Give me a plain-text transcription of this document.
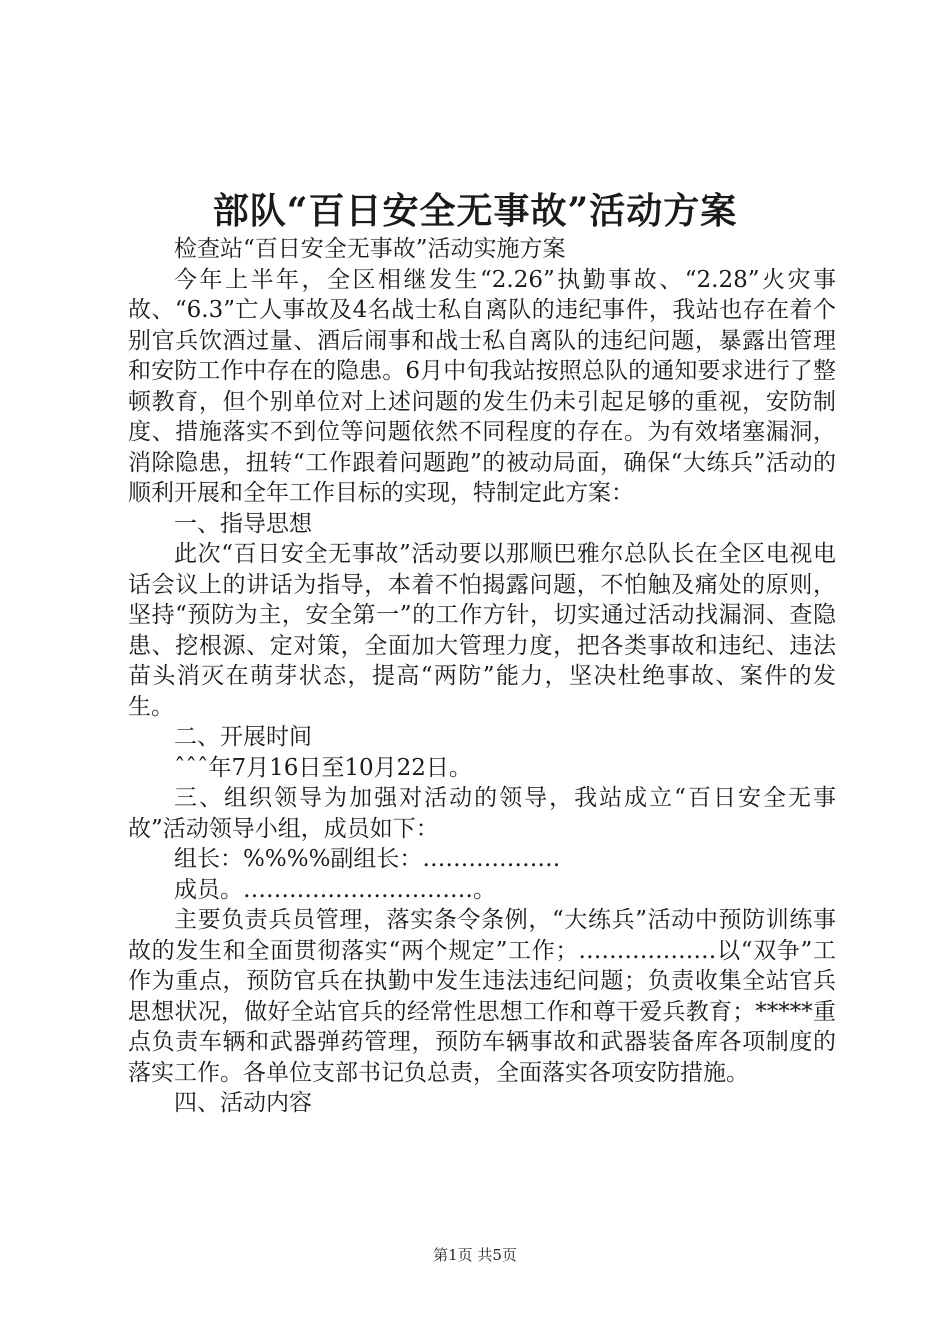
部队“百日安全无事故”活动方案

检查站“百日安全无事故”活动实施方案

今年上半年，全区相继发生“2.26”执勤事故、“2.28”火灾事故、“6.3”亡人事故及4名战士私自离队的违纪事件，我站也存在着个别官兵饮酒过量、酒后闹事和战士私自离队的违纪问题，暴露出管理和安防工作中存在的隐患。6月中旬我站按照总队的通知要求进行了整顿教育，但个别单位对上述问题的发生仍未引起足够的重视，安防制度、措施落实不到位等问题依然不同程度的存在。为有效堵塞漏洞，消除隐患，扭转“工作跟着问题跑”的被动局面，确保“大练兵”活动的顺利开展和全年工作目标的实现，特制定此方案：

一、指导思想

此次“百日安全无事故”活动要以那顺巴雅尔总队长在全区电视电话会议上的讲话为指导，本着不怕揭露问题，不怕触及痛处的原则，坚持“预防为主，安全第一”的工作方针，切实通过活动找漏洞、查隐患、挖根源、定对策，全面加大管理力度，把各类事故和违纪、违法苗头消灭在萌芽状态，提高“两防”能力，坚决杜绝事故、案件的发生。

二、开展时间

ˆˆˆ年7月16日至10月22日。

三、组织领导为加强对活动的领导，我站成立“百日安全无事故”活动领导小组，成员如下：

组长：%%%%副组长：………………

成员。…………………………。

主要负责兵员管理，落实条令条例，“大练兵”活动中预防训练事故的发生和全面贯彻落实“两个规定”工作；………………以“双争”工作为重点，预防官兵在执勤中发生违法违纪问题；负责收集全站官兵思想状况，做好全站官兵的经常性思想工作和尊干爱兵教育；*****重点负责车辆和武器弹药管理，预防车辆事故和武器装备库各项制度的落实工作。各单位支部书记负总责，全面落实各项安防措施。

四、活动内容

第1页 共5页
